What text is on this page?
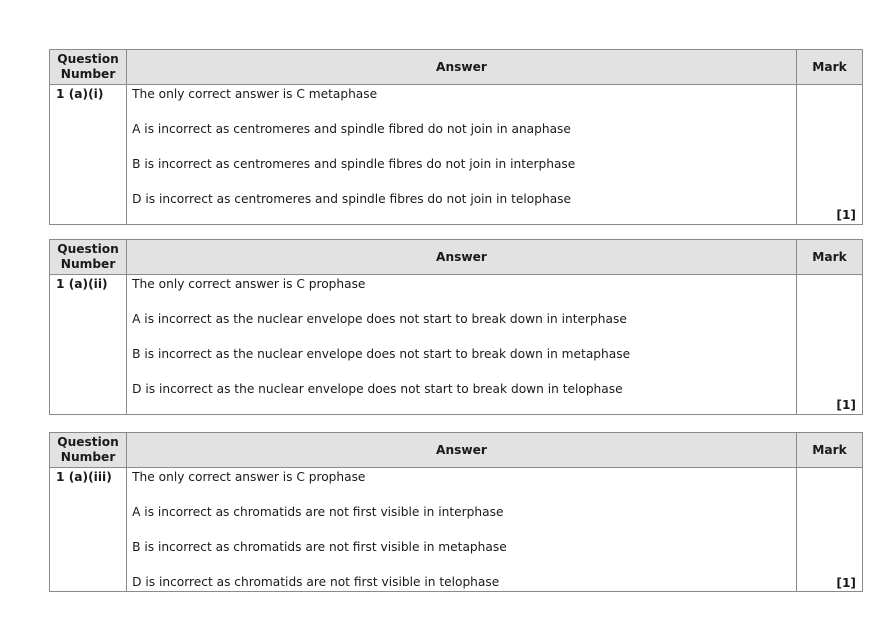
Question Number	Answer	Mark
1 (a)(i)	The only correct answer is C metaphase
A is incorrect as centromeres and spindle fibred do not join in anaphase
B is incorrect as centromeres and spindle fibres do not join in interphase
D is incorrect as centromeres and spindle fibres do not join in telophase	[1]
Question Number	Answer	Mark
1 (a)(ii)	The only correct answer is C prophase
A is incorrect as the nuclear envelope does not start to break down in interphase
B is incorrect as the nuclear envelope does not start to break down in metaphase
D is incorrect as the nuclear envelope does not start to break down in telophase	[1]
Question Number	Answer	Mark
1 (a)(iii)	The only correct answer is C prophase
A is incorrect as chromatids are not first visible in interphase
B is incorrect as chromatids are not first visible in metaphase
D is incorrect as chromatids are not first visible in telophase	[1]
